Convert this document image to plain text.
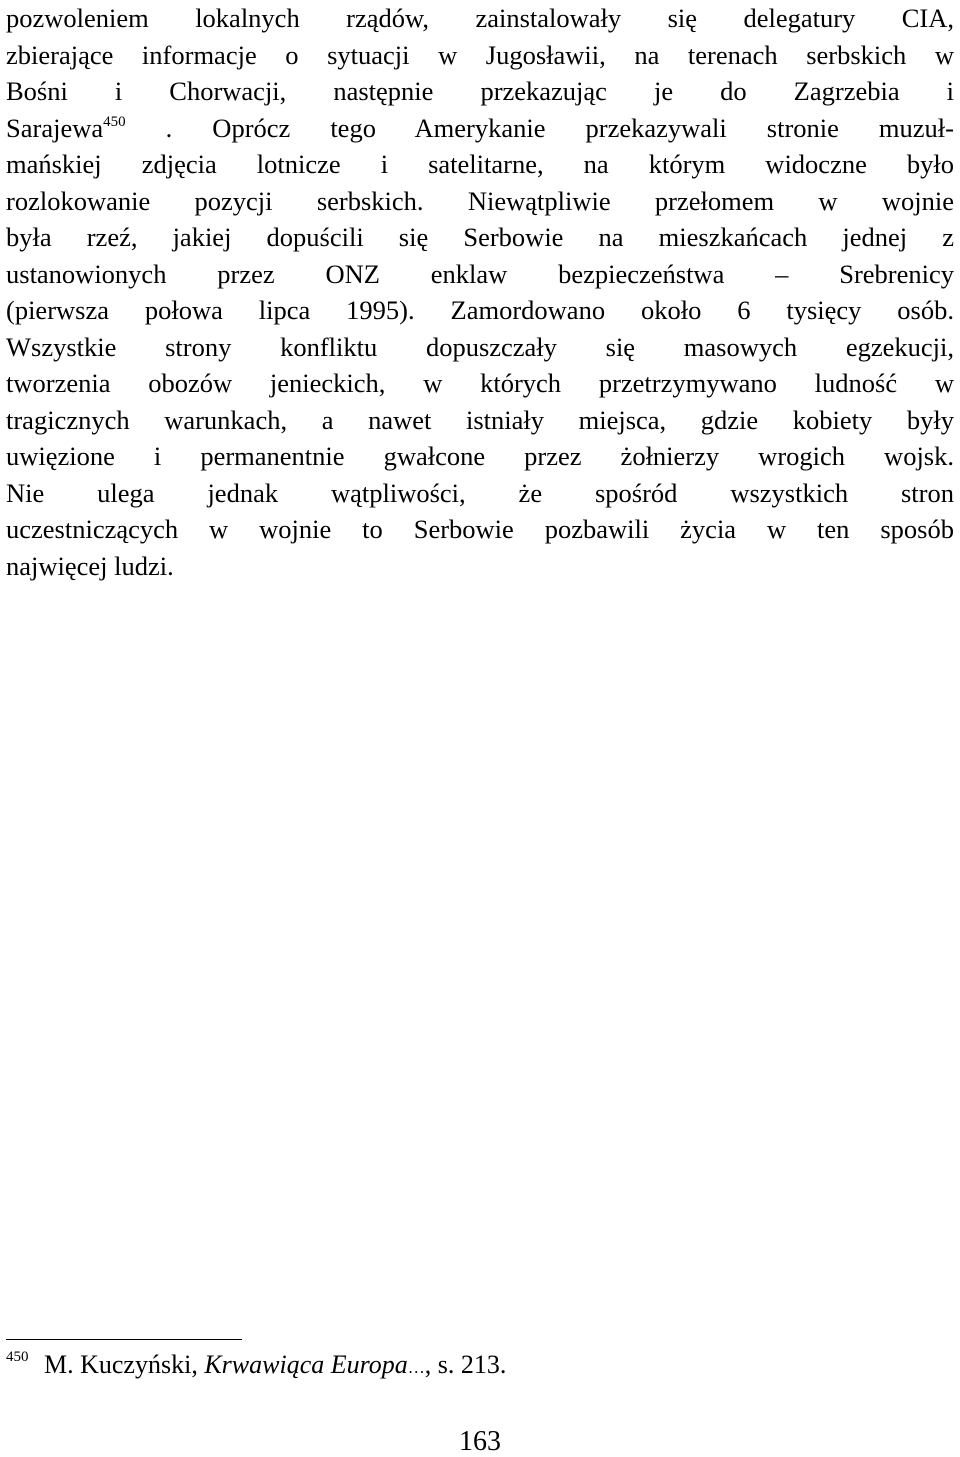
pozwoleniem lokalnych rządów, zainstalowały się delegatury CIA,
zbierające informacje o sytuacji w Jugosławii, na terenach serbskich w
Bośni i Chorwacji, następnie przekazując je do Zagrzebia i
Sarajewa$^{450}$ . Oprócz tego Amerykanie przekazywali stronie muzuł-
mańskiej zdjęcia lotnicze i satelitarne, na którym widoczne było
rozlokowanie pozycji serbskich. Niewątpliwie przełomem w wojnie
była rzeź, jakiej dopuścili się Serbowie na mieszkańcach jednej z
ustanowionych przez ONZ enklaw bezpieczeństwa – Srebrenicy
(pierwsza połowa lipca 1995). Zamordowano około 6 tysięcy osób.
Wszystkie strony konfliktu dopuszczały się masowych egzekucji,
tworzenia obozów jenieckich, w których przetrzymywano ludność w
tragicznych warunkach, a nawet istniały miejsca, gdzie kobiety były
uwięzione i permanentnie gwałcone przez żołnierzy wrogich wojsk.
Nie ulega jednak wątpliwości, że spośród wszystkich stron
uczestniczących w wojnie to Serbowie pozbawili życia w ten sposób
najwięcej ludzi.
450 M. Kuczyński, Krwawiąca Europa…, s. 213.
163
